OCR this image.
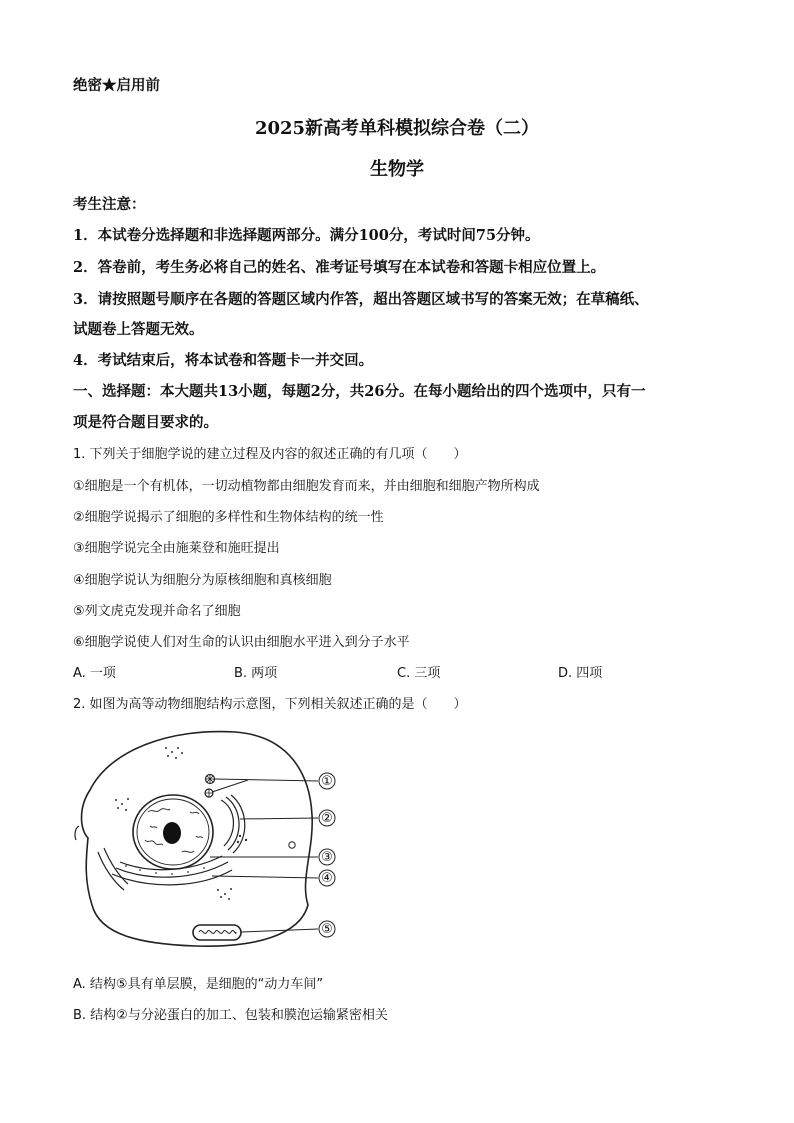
绝密★启用前
2025新高考单科模拟综合卷（二）
生物学
考生注意：
1．本试卷分选择题和非选择题两部分。满分100分，考试时间75分钟。
2．答卷前，考生务必将自己的姓名、准考证号填写在本试卷和答题卡相应位置上。
3．请按照题号顺序在各题的答题区域内作答，超出答题区域书写的答案无效；在草稿纸、
试题卷上答题无效。
4．考试结束后，将本试卷和答题卡一并交回。
一、选择题：本大题共13小题，每题2分，共26分。在每小题给出的四个选项中，只有一
项是符合题目要求的。
1. 下列关于细胞学说的建立过程及内容的叙述正确的有几项（　　）
①细胞是一个有机体，一切动植物都由细胞发育而来，并由细胞和细胞产物所构成
②细胞学说揭示了细胞的多样性和生物体结构的统一性
③细胞学说完全由施莱登和施旺提出
④细胞学说认为细胞分为原核细胞和真核细胞
⑤列文虎克发现并命名了细胞
⑥细胞学说使人们对生命的认识由细胞水平进入到分子水平
A. 一项	B. 两项	C. 三项	D. 四项
2. 如图为高等动物细胞结构示意图，下列相关叙述正确的是（　　）
①
②
③
④
⑤
A. 结构⑤具有单层膜，是细胞的“动力车间”
B. 结构②与分泌蛋白的加工、包装和膜泡运输紧密相关
